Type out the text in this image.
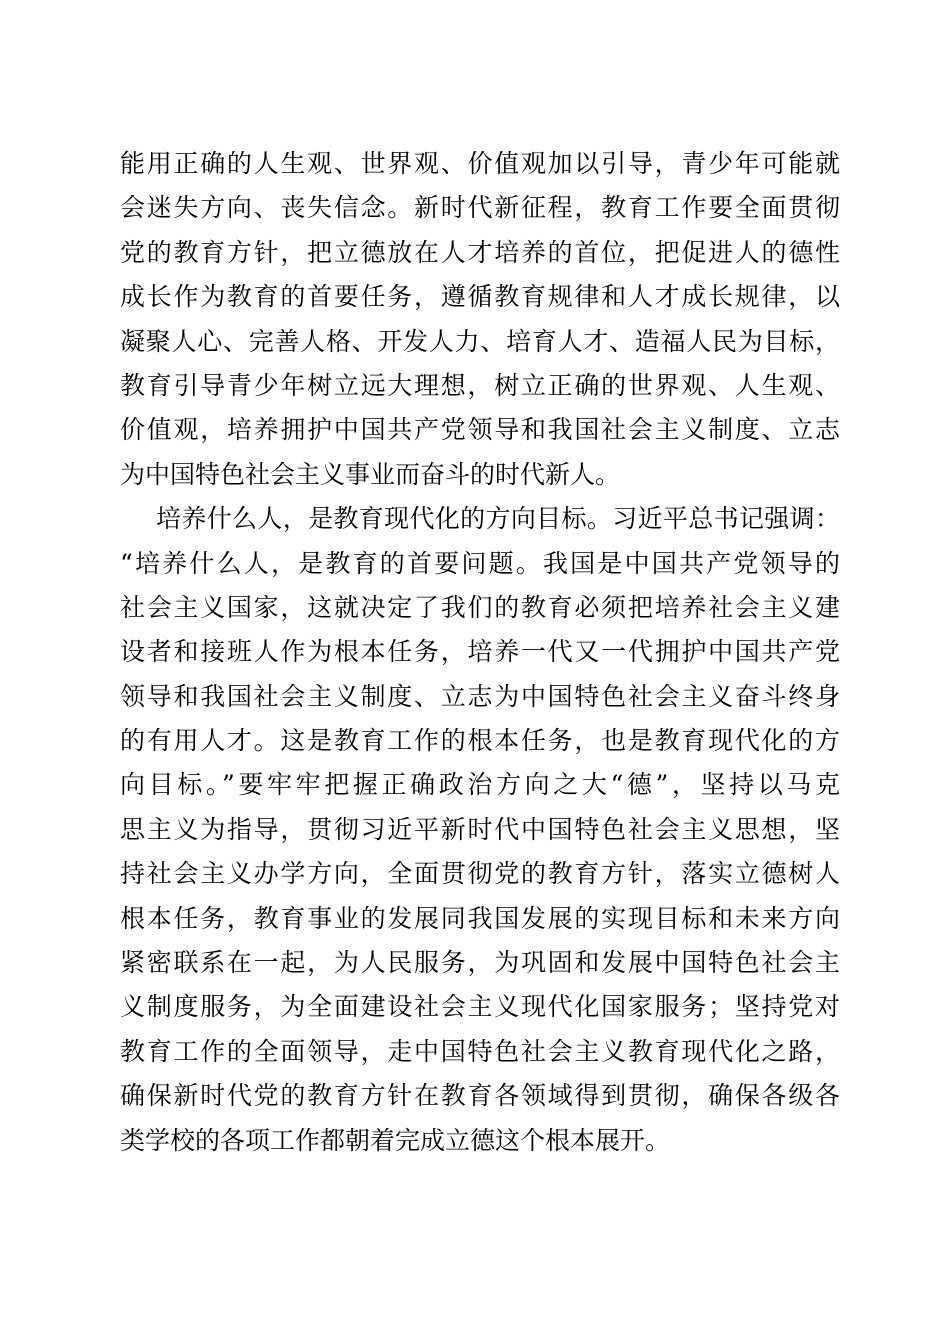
能用正确的人生观、世界观、价值观加以引导，青少年可能就
会迷失方向、丧失信念。新时代新征程，教育工作要全面贯彻
党的教育方针，把立德放在人才培养的首位，把促进人的德性
成长作为教育的首要任务，遵循教育规律和人才成长规律，以
凝聚人心、完善人格、开发人力、培育人才、造福人民为目标，
教育引导青少年树立远大理想，树立正确的世界观、人生观、
价值观，培养拥护中国共产党领导和我国社会主义制度、立志
为中国特色社会主义事业而奋斗的时代新人。
培养什么人，是教育现代化的方向目标。习近平总书记强调：
“培养什么人，是教育的首要问题。我国是中国共产党领导的
社会主义国家，这就决定了我们的教育必须把培养社会主义建
设者和接班人作为根本任务，培养一代又一代拥护中国共产党
领导和我国社会主义制度、立志为中国特色社会主义奋斗终身
的有用人才。这是教育工作的根本任务，也是教育现代化的方
向目标。”要牢牢把握正确政治方向之大“德”，坚持以马克
思主义为指导，贯彻习近平新时代中国特色社会主义思想，坚
持社会主义办学方向，全面贯彻党的教育方针，落实立德树人
根本任务，教育事业的发展同我国发展的实现目标和未来方向
紧密联系在一起，为人民服务，为巩固和发展中国特色社会主
义制度服务，为全面建设社会主义现代化国家服务；坚持党对
教育工作的全面领导，走中国特色社会主义教育现代化之路，
确保新时代党的教育方针在教育各领域得到贯彻，确保各级各
类学校的各项工作都朝着完成立德这个根本展开。
